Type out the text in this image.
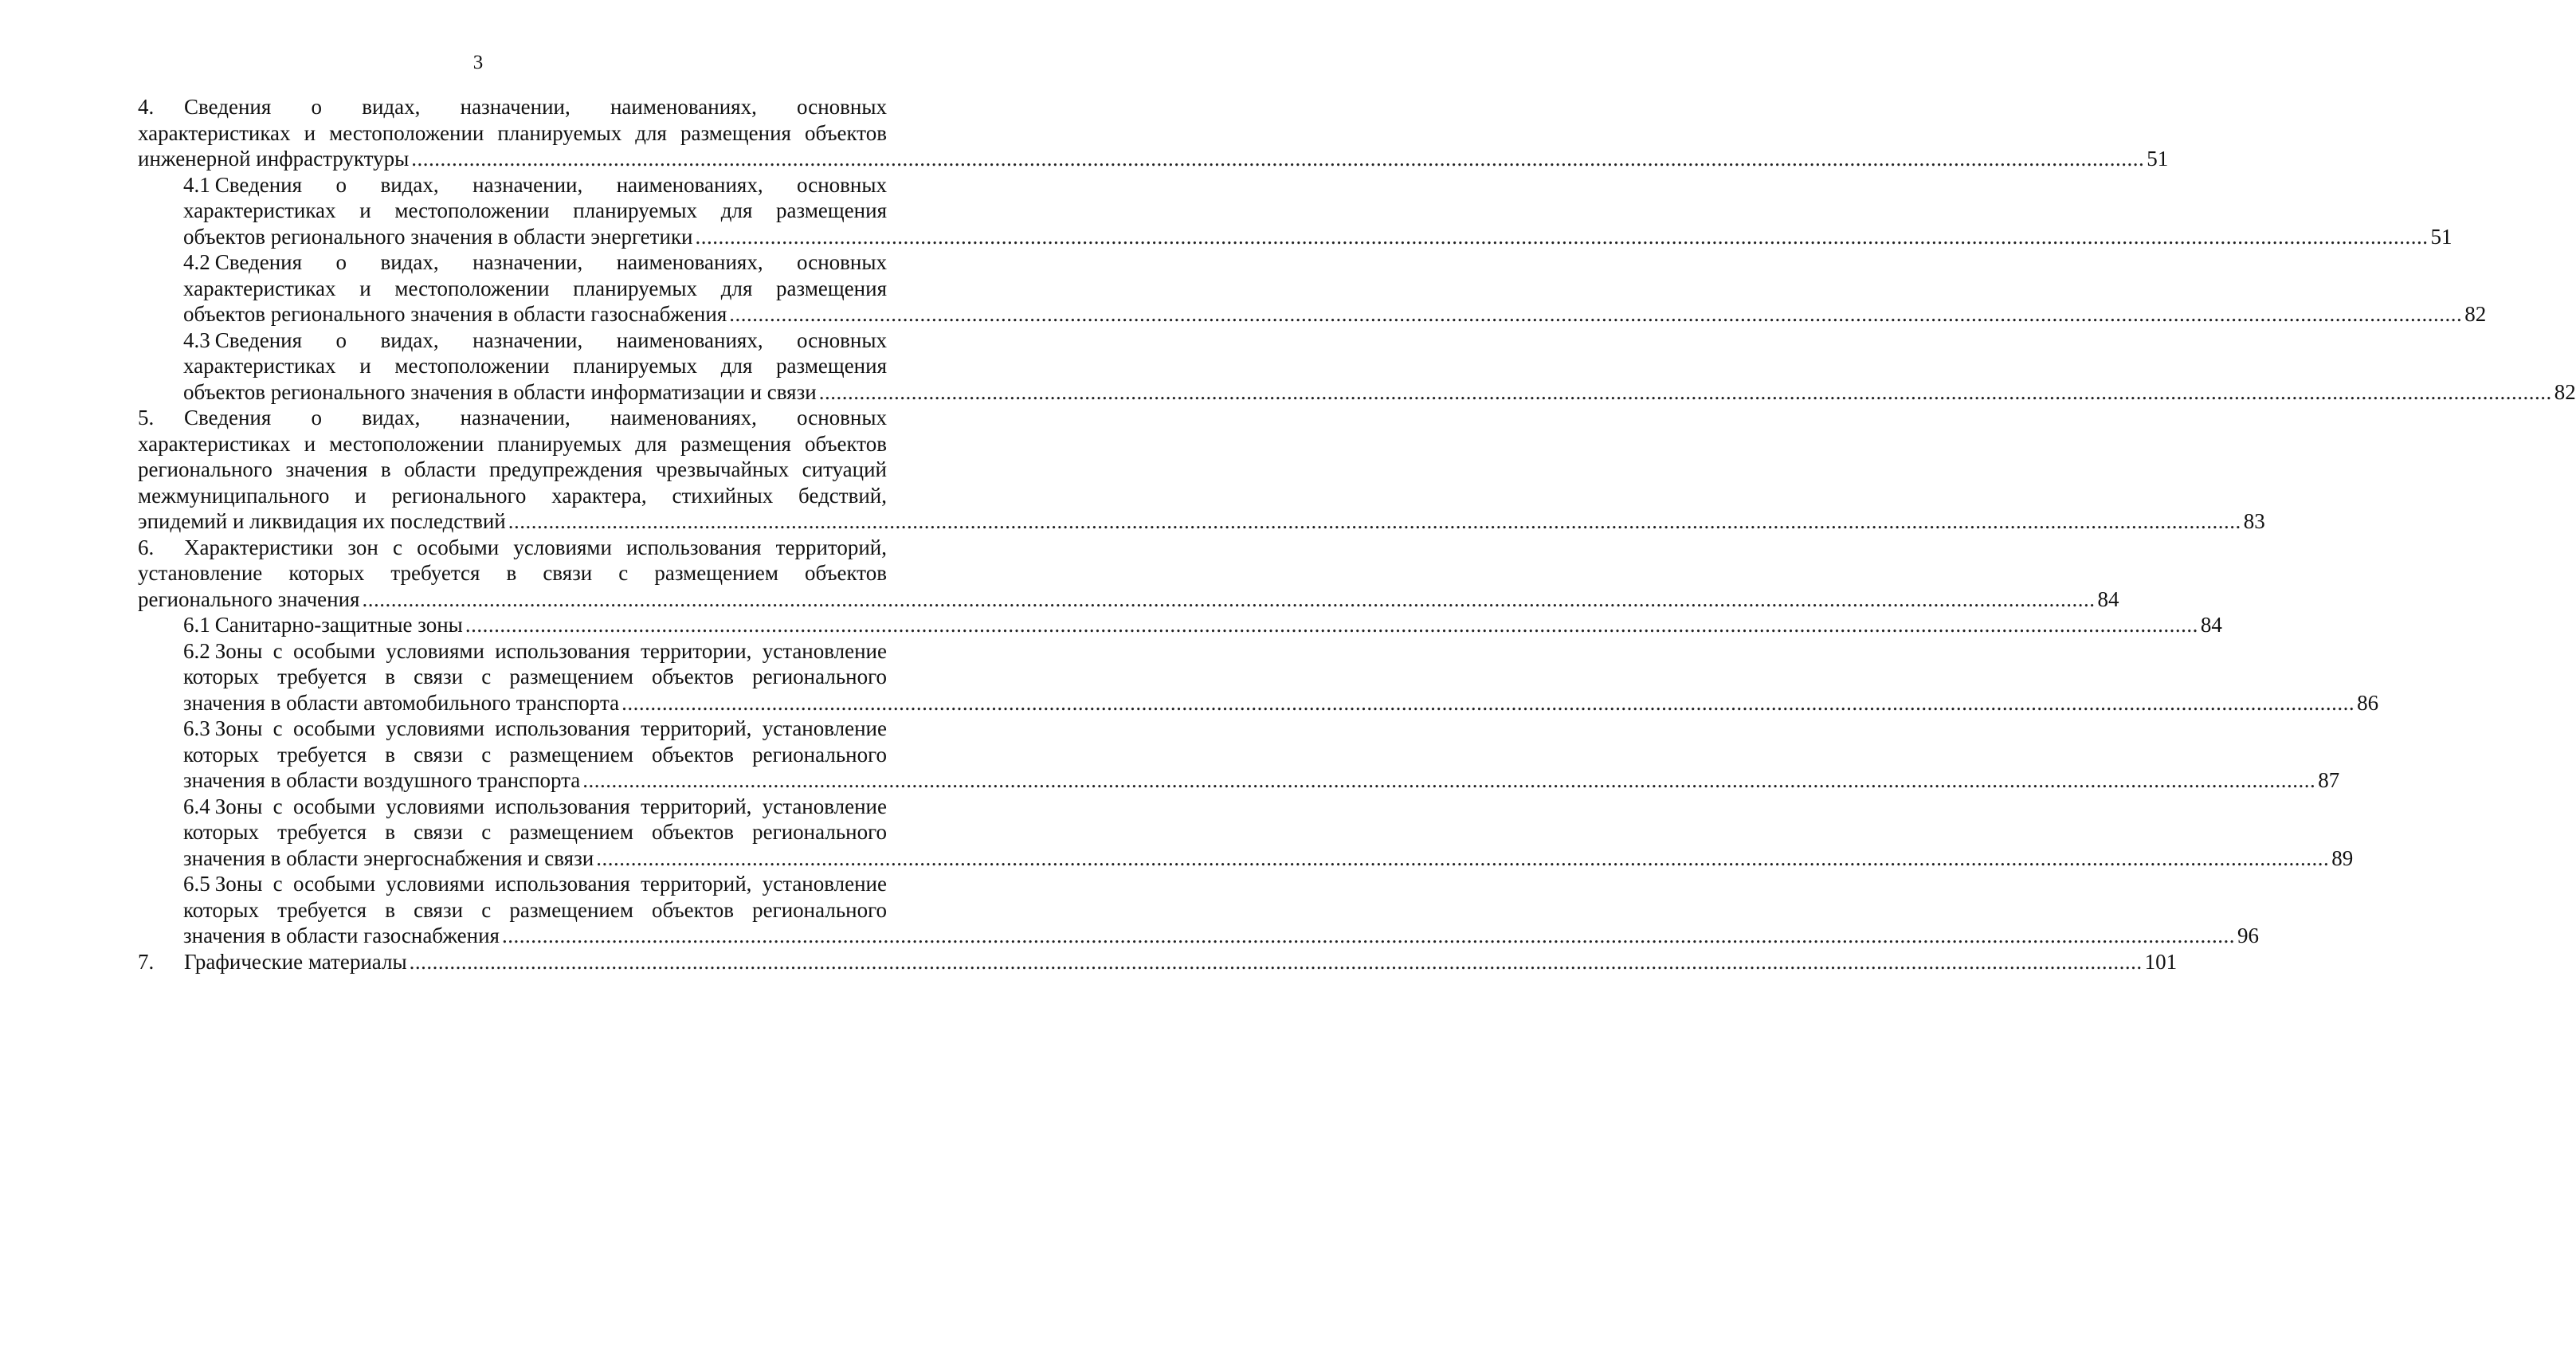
3
4. Сведения о видах, назначении, наименованиях, основных
характеристиках и местоположении планируемых для размещения объектов
инженерной инфраструктуры ............................................................................................................................................................................................................................................................................................................ 51
4.1 Сведения о видах, назначении, наименованиях, основных
характеристиках и местоположении планируемых для размещения
объектов регионального значения в области энергетики ............................................................................................................................................................................................................................................................................................................ 51
4.2 Сведения о видах, назначении, наименованиях, основных
характеристиках и местоположении планируемых для размещения
объектов регионального значения в области газоснабжения ............................................................................................................................................................................................................................................................................................................ 82
4.3 Сведения о видах, назначении, наименованиях, основных
характеристиках и местоположении планируемых для размещения
объектов регионального значения в области информатизации и связи ............................................................................................................................................................................................................................................................................................................ 82
5. Сведения о видах, назначении, наименованиях, основных
характеристиках и местоположении планируемых для размещения объектов
регионального значения в области предупреждения чрезвычайных ситуаций
межмуниципального и регионального характера, стихийных бедствий,
эпидемий и ликвидация их последствий ............................................................................................................................................................................................................................................................................................................ 83
6. Характеристики зон с особыми условиями использования территорий,
установление которых требуется в связи с размещением объектов
регионального значения ............................................................................................................................................................................................................................................................................................................ 84
6.1 Санитарно-защитные зоны ............................................................................................................................................................................................................................................................................................................ 84
6.2 Зоны с особыми условиями использования территории, установление
которых требуется в связи с размещением объектов регионального
значения в области автомобильного транспорта ............................................................................................................................................................................................................................................................................................................ 86
6.3 Зоны с особыми условиями использования территорий, установление
которых требуется в связи с размещением объектов регионального
значения в области воздушного транспорта ............................................................................................................................................................................................................................................................................................................ 87
6.4 Зоны с особыми условиями использования территорий, установление
которых требуется в связи с размещением объектов регионального
значения в области энергоснабжения и связи ............................................................................................................................................................................................................................................................................................................ 89
6.5 Зоны с особыми условиями использования территорий, установление
которых требуется в связи с размещением объектов регионального
значения в области газоснабжения ............................................................................................................................................................................................................................................................................................................ 96
7. Графические материалы ............................................................................................................................................................................................................................................................................................................ 101
